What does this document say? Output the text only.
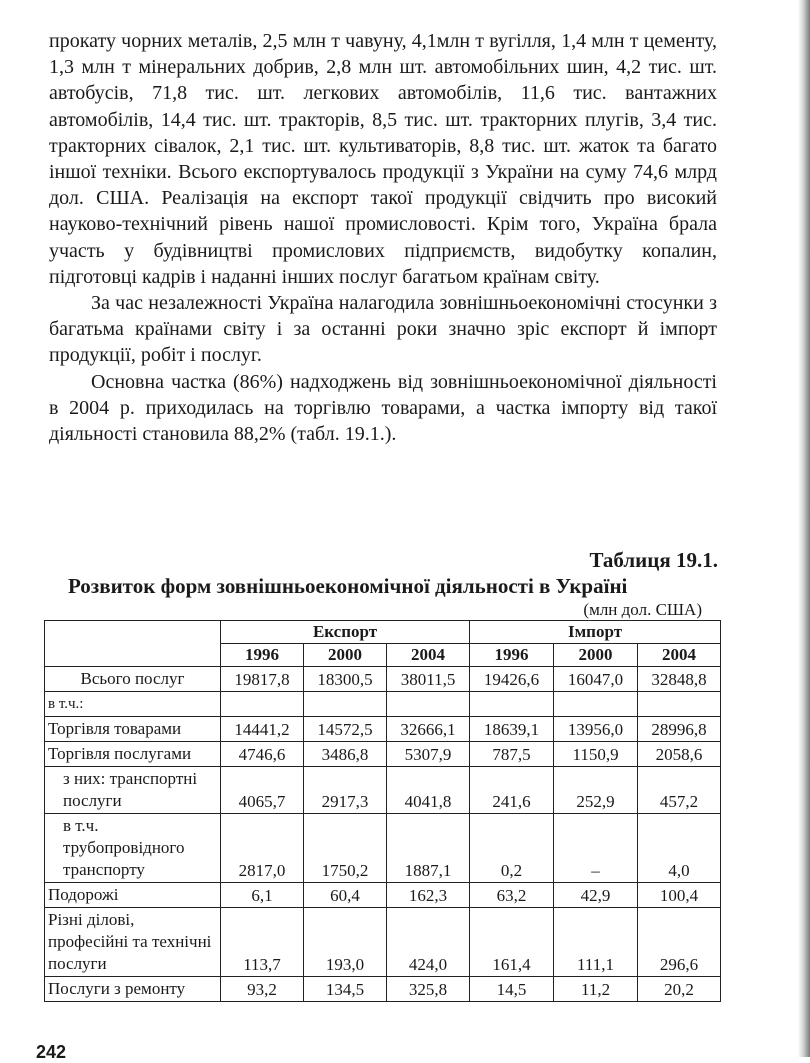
прокату чорних металів, 2,5 млн т чавуну, 4,1млн т вугілля, 1,4 млн т цементу, 1,3 млн т мінеральних добрив, 2,8 млн шт. автомобільних шин, 4,2 тис. шт. автобусів, 71,8 тис. шт. легкових автомобілів, 11,6 тис. вантажних автомобілів, 14,4 тис. шт. тракторів, 8,5 тис. шт. тракторних плугів, 3,4 тис. тракторних сівалок, 2,1 тис. шт. культиваторів, 8,8 тис. шт. жаток та багато іншої техніки. Всього експортувалось продукції з України на суму 74,6 млрд дол. США. Реалізація на експорт такої продукції свідчить про високий науково-технічний рівень нашої промисловості. Крім того, Україна брала участь у будівництві промислових підприємств, видобутку копалин, підготовці кадрів і наданні інших послуг багатьом країнам світу.

За час незалежності Україна налагодила зовнішньоекономічні стосунки з багатьма країнами світу і за останні роки значно зріс експорт й імпорт продукції, робіт і послуг.

Основна частка (86%) надходжень від зовнішньоекономічної діяльності в 2004 р. приходилась на торгівлю товарами, а частка імпорту від такої діяльності становила 88,2% (табл. 19.1.).

Таблиця 19.1.
Розвиток форм зовнішньоекономічної діяльності в Україні
(млн дол. США)
	Експорт			Імпорт		
	1996	2000	2004	1996	2000	2004
Всього послуг	19817,8	18300,5	38011,5	19426,6	16047,0	32848,8
в т.ч.:						
Торгівля товарами	14441,2	14572,5	32666,1	18639,1	13956,0	28996,8
Торгівля послугами	4746,6	3486,8	5307,9	787,5	1150,9	2058,6
з них: транспортні послуги	4065,7	2917,3	4041,8	241,6	252,9	457,2
в т.ч. трубопровідного транспорту	2817,0	1750,2	1887,1	0,2	–	4,0
Подорожі	6,1	60,4	162,3	63,2	42,9	100,4
Різні ділові, професійні та технічні послуги	113,7	193,0	424,0	161,4	111,1	296,6
Послуги з ремонту	93,2	134,5	325,8	14,5	11,2	20,2
242
